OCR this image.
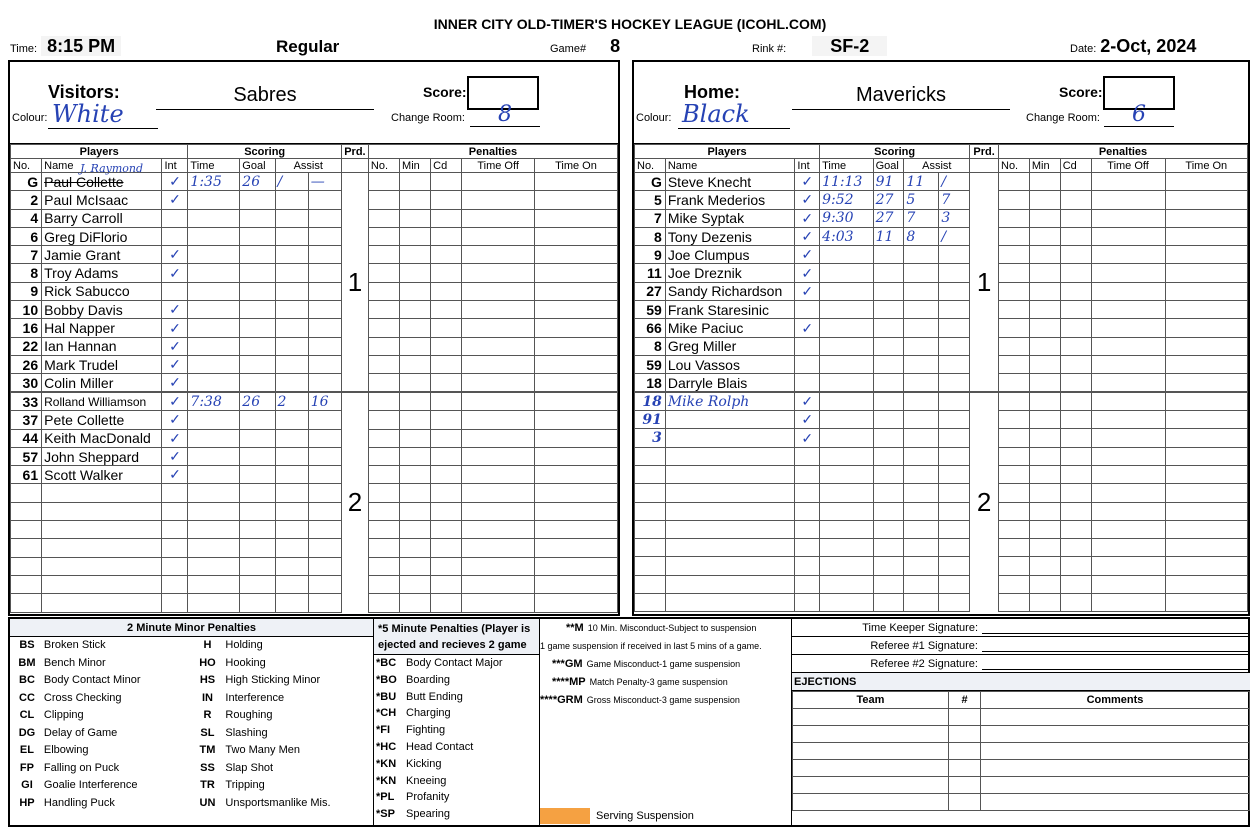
INNER CITY OLD-TIMER'S HOCKEY LEAGUE (ICOHL.COM)
Time: 8:15 PM	Regular	Game# 8	Rink #: SF-2	Date: 2-Oct, 2024
Visitors:	Sabres
Colour: White
Score:
Change Room:	8
J. Raymond
Players			Scoring				Prd.	Penalties				
No.	Name	Int	Time	Goal	Assist			No.	Min	Cd	Time Off	Time On
G	Paul Collette	✓	1:35	26	/	—	1					
2	Paul McIsaac	✓										
4	Barry Carroll											
6	Greg DiFlorio											
7	Jamie Grant	✓										
8	Troy Adams	✓										
9	Rick Sabucco											
10	Bobby Davis	✓										
16	Hal Napper	✓										
22	Ian Hannan	✓										
26	Mark Trudel	✓										
30	Colin Miller	✓										
33	Rolland Williamson	✓	7:38	26	2	16	2					
37	Pete Collette	✓										
44	Keith MacDonald	✓										
57	John Sheppard	✓										
61	Scott Walker	✓										

Home:	Mavericks
Colour: Black
Score:
Change Room:	6
Players			Scoring				Prd.	Penalties				
No.	Name	Int	Time	Goal	Assist			No.	Min	Cd	Time Off	Time On
G	Steve Knecht	✓	11:13	91	11	/	1					
5	Frank Mederios	✓	9:52	27	5	7						
7	Mike Syptak	✓	9:30	27	7	3						
8	Tony Dezenis	✓	4:03	11	8	/						
9	Joe Clumpus	✓										
11	Joe Dreznik	✓										
27	Sandy Richardson	✓										
59	Frank Staresinic											
66	Mike Paciuc	✓										
8	Greg Miller											
59	Lou Vassos											
18	Darryle Blais											
18	Mike Rolph	✓					2					
91		✓										
3		✓										

2 Minute Minor Penalties
BS Broken Stick	H	Holding
BM Bench Minor	HO Hooking
BC Body Contact Minor	HS High Sticking Minor
CC Cross Checking	IN	Interference
CL Clipping	R	Roughing
DG Delay of Game	SL Slashing
EL Elbowing	TM Two Many Men
FP Falling on Puck	SS Slap Shot
GI	Goalie Interference	TR Tripping
HP Handling Puck	UN Unsportsmanlike Mis.
*5 Minute Penalties (Player is ejected and recieves 2 game
*BC Body Contact Major
*BO Boarding
*BU Butt Ending
*CH Charging
*FI Fighting
*HC Head Contact
*KN Kicking
*KN Kneeing
*PL Profanity
*SP Spearing
**M 10 Min. Misconduct-Subject to suspension
1 game suspension if received in last 5 mins of a game.
***GM Game Misconduct-1 game suspension
****MP Match Penalty-3 game suspension
****GRM Gross Misconduct-3 game suspension
Serving Suspension
Time Keeper Signature:
Referee #1 Signature:
Referee #2 Signature:
EJECTIONS
Team	#	Comments
